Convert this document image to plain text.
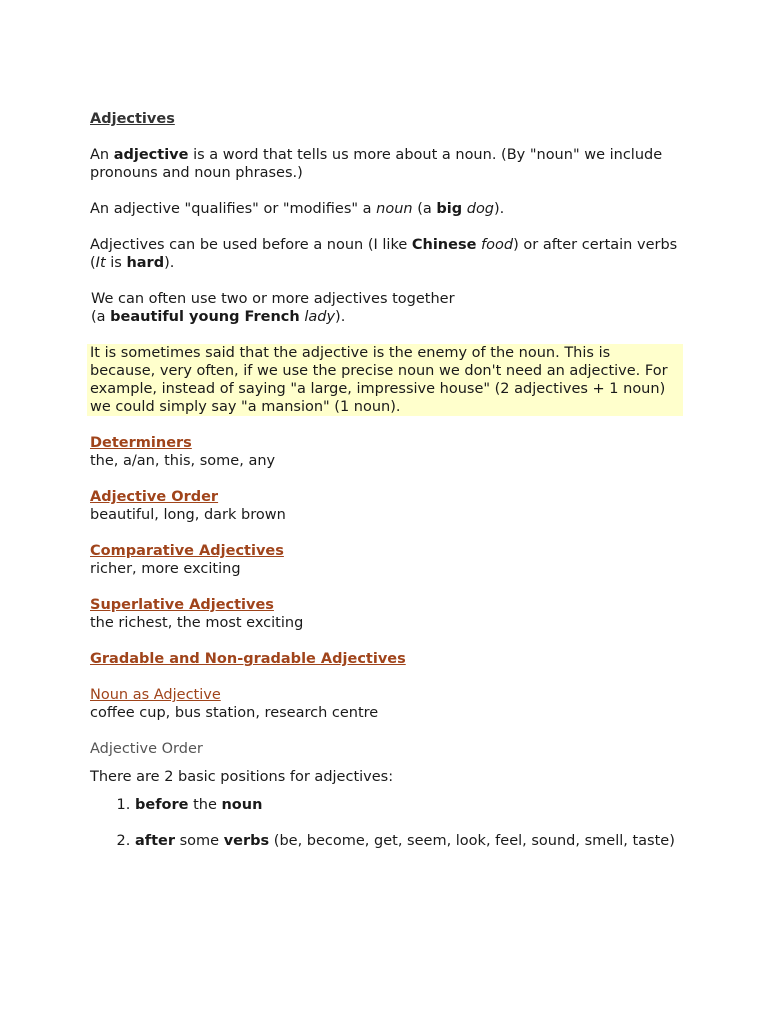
Adjectives

An adjective is a word that tells us more about a noun. (By "noun" we include pronouns and noun phrases.)

An adjective "qualifies" or "modifies" a noun (a big dog).

Adjectives can be used before a noun (I like Chinese food) or after certain verbs (It is hard).

We can often use two or more adjectives together
(a beautiful young French lady).

It is sometimes said that the adjective is the enemy of the noun. This is because, very often, if we use the precise noun we don't need an adjective. For example, instead of saying "a large, impressive house" (2 adjectives + 1 noun) we could simply say "a mansion" (1 noun).

Determiners
the, a/an, this, some, any
Adjective Order
beautiful, long, dark brown
Comparative Adjectives
richer, more exciting
Superlative Adjectives
the richest, the most exciting
Gradable and Non-gradable Adjectives
Noun as Adjective
coffee cup, bus station, research centre
Adjective Order
There are 2 basic positions for adjectives:
1. before the noun
2. after some verbs (be, become, get, seem, look, feel, sound, smell, taste)
